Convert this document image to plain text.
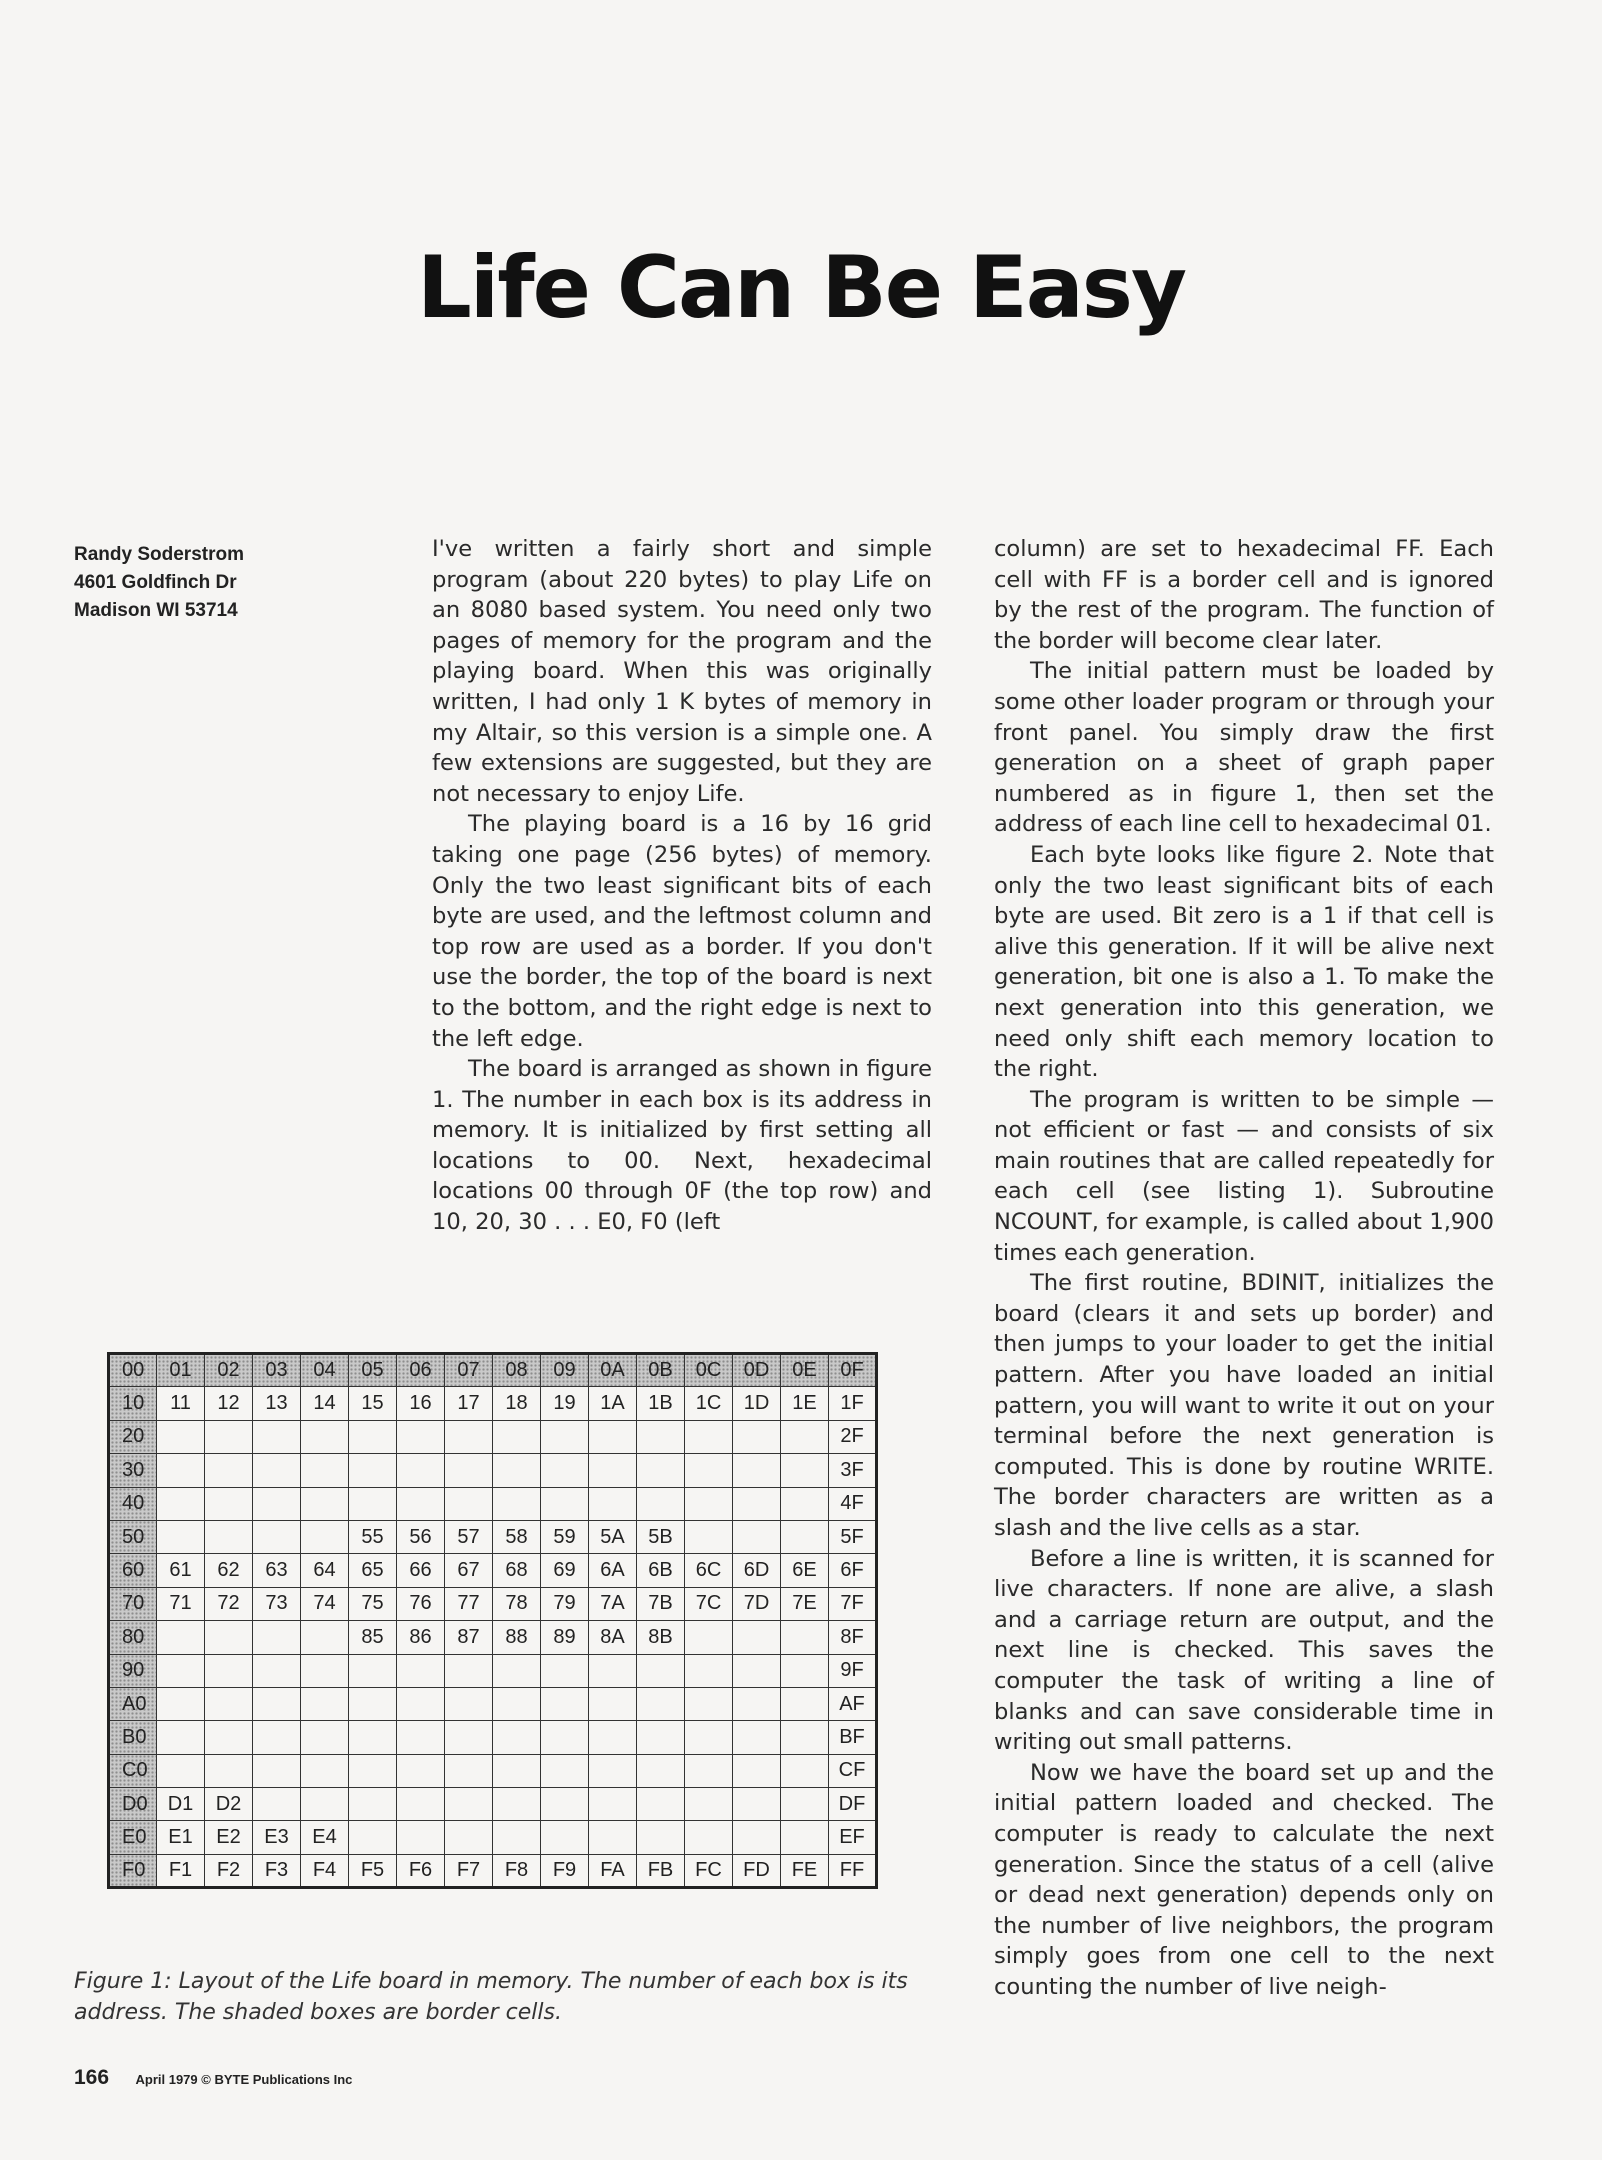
Life Can Be Easy
Randy Soderstrom
4601 Goldfinch Dr
Madison WI 53714

I've written a fairly short and simple program (about 220 bytes) to play Life on an 8080 based system. You need only two pages of memory for the program and the playing board. When this was originally written, I had only 1 K bytes of memory in my Altair, so this version is a simple one. A few extensions are suggested, but they are not necessary to enjoy Life.

The playing board is a 16 by 16 grid taking one page (256 bytes) of memory. Only the two least significant bits of each byte are used, and the leftmost column and top row are used as a border. If you don't use the border, the top of the board is next to the bottom, and the right edge is next to the left edge.

The board is arranged as shown in figure 1. The number in each box is its address in memory. It is initialized by first setting all locations to 00. Next, hexadecimal locations 00 through 0F (the top row) and 10, 20, 30 . . . E0, F0 (left

column) are set to hexadecimal FF. Each cell with FF is a border cell and is ignored by the rest of the program. The function of the border will become clear later.

The initial pattern must be loaded by some other loader program or through your front panel. You simply draw the first generation on a sheet of graph paper numbered as in figure 1, then set the address of each line cell to hexadecimal 01.

Each byte looks like figure 2. Note that only the two least significant bits of each byte are used. Bit zero is a 1 if that cell is alive this generation. If it will be alive next generation, bit one is also a 1. To make the next generation into this generation, we need only shift each memory location to the right.

The program is written to be simple — not efficient or fast — and consists of six main routines that are called repeatedly for each cell (see listing 1). Subroutine NCOUNT, for example, is called about 1,900 times each generation.

The first routine, BDINIT, initializes the board (clears it and sets up border) and then jumps to your loader to get the initial pattern. After you have loaded an initial pattern, you will want to write it out on your terminal before the next generation is computed. This is done by routine WRITE. The border characters are written as a slash and the live cells as a star.

Before a line is written, it is scanned for live characters. If none are alive, a slash and a carriage return are output, and the next line is checked. This saves the computer the task of writing a line of blanks and can save considerable time in writing out small patterns.

Now we have the board set up and the initial pattern loaded and checked. The computer is ready to calculate the next generation. Since the status of a cell (alive or dead next generation) depends only on the number of live neighbors, the program simply goes from one cell to the next counting the number of live neigh-

00	01	02	03	04	05	06	07	08	09	0A	0B	0C	0D	0E	0F
10	11	12	13	14	15	16	17	18	19	1A	1B	1C	1D	1E	1F
20															2F
30															3F
40															4F
50					55	56	57	58	59	5A	5B				5F
60	61	62	63	64	65	66	67	68	69	6A	6B	6C	6D	6E	6F
70	71	72	73	74	75	76	77	78	79	7A	7B	7C	7D	7E	7F
80					85	86	87	88	89	8A	8B				8F
90															9F
A0															AF
B0															BF
C0															CF
D0	D1	D2													DF
E0	E1	E2	E3	E4											EF
F0	F1	F2	F3	F4	F5	F6	F7	F8	F9	FA	FB	FC	FD	FE	FF
Figure 1: Layout of the Life board in memory. The number of each box is its address. The shaded boxes are border cells.
166 April 1979 © BYTE Publications Inc
